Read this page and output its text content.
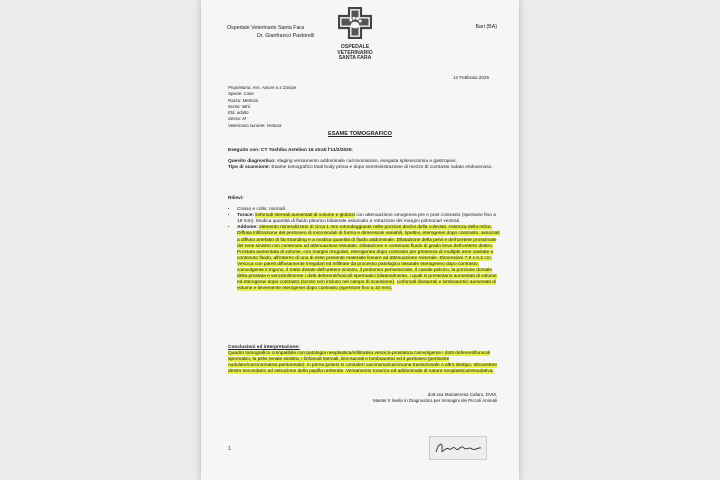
Ospedale Veterinario Santa Fara
Dr. Gianfranco Pastorelli
OSPEDALE
VETERINARIO
SANTA FARA
Bari (BA)
12 Febbraio 2025
Proprietario: Ass. Amore a 4 Zampe
Specie: Cane
Razza: Meticcio
Nome: Mirò
Età: adulto
Sesso: M
Veterinario curante: Ventura
ESAME TOMOGRAFICO
Eseguito con: CT Toshiba Astelion 16 strati l'11/2/2025.
Quesito diagnostico: staging versamento addominale carcinomatoso, eseguita splenectomia e gastropexi.
Tipo di scansione: Esame tomografico total body prima e dopo somministrazione di mezzo di contrasto iodato endovenoso.
Rilievi:
• Cranio e collo: normali.
• Torace: linfonodi sternali aumentati di volume e globosi con attenuazione omogenea pre e post contrasto (spessore fino a 19 mm). Modica quantità di fluido pleurico bilaterale associato a retrazione dei margini polmonari ventrali.
• Addome: elemento mineralizzato di circa 1 mm rotondeggiante nelle porzioni declivi della colecisti. Assenza della milza. Diffusa infiltrazione del peritoneo di micronoduli di forma e dimensioni variabili, ripettivi, eterogenei dopo contrasto, associati a diffuso artefatto di fat stranding e a modica quantità di fluido addominale. Dilatazione della pelvi e dell'uretere prossimale del rene sinistro con contenuto ad attenuazione tissutale. Dilatazione e contenuto fluido di grado lieve dell'uretere destro. Prostata aumentata di volume, con margini irregolari, eterogenea dopo contrasto per presenza di multiple aree cavitate a contenuto fluido, all'interno di una di esse presente materiale lineare ad attenuazione minerale. Dimensioni 7,8 x 6,2 cm. Vescica con pareti diffusamente irregolari ed infiltrate da processo patologico tissutale eterogeneo dopo contrasto, coinvolgente il trigono, il tratto distale dell'uretere sinistro, il peritoneo perivescicale, il canale pelvico, la porzione dorsale della prostata e verosimilmente i dotti deferenti/funicoli spermatici bilateralmente, i quali si presentano aumentati di volume ed eterogenei dopo contrasto (scroto non incluso nel campo di scansione). Linfonodi iliosacrali e lomboaortici aumentati di volume e lievemente eterogenei dopo contrasto (spessore fino a 10 mm).
Conclusioni ed interpretazione:
Quadro tomografico compatibile con patologia neoplastica/infiltrativa vescico-prostatica coinvolgente i dotti deferenti/funicoli spermatici, la pelvi renale sinistra, i linfonodi sternali, ileo-sacrali e lomboaortici ed il peritoneo (peritonite nodulare/carcinomatosi peritoneale); in prima ipotesi si consideri carcinoma/carcinoma transizionale o altro istotipo. Idrouretere destro secondario ad ostruzione della papilla ureterale. Versamento toracico ed addominale di natura neoplastica/essudativa.
dott.ssa Mariateresa Cafaro, DVM,
Master II livello in Diagnostica per Immagini dei Piccoli Animali
1
